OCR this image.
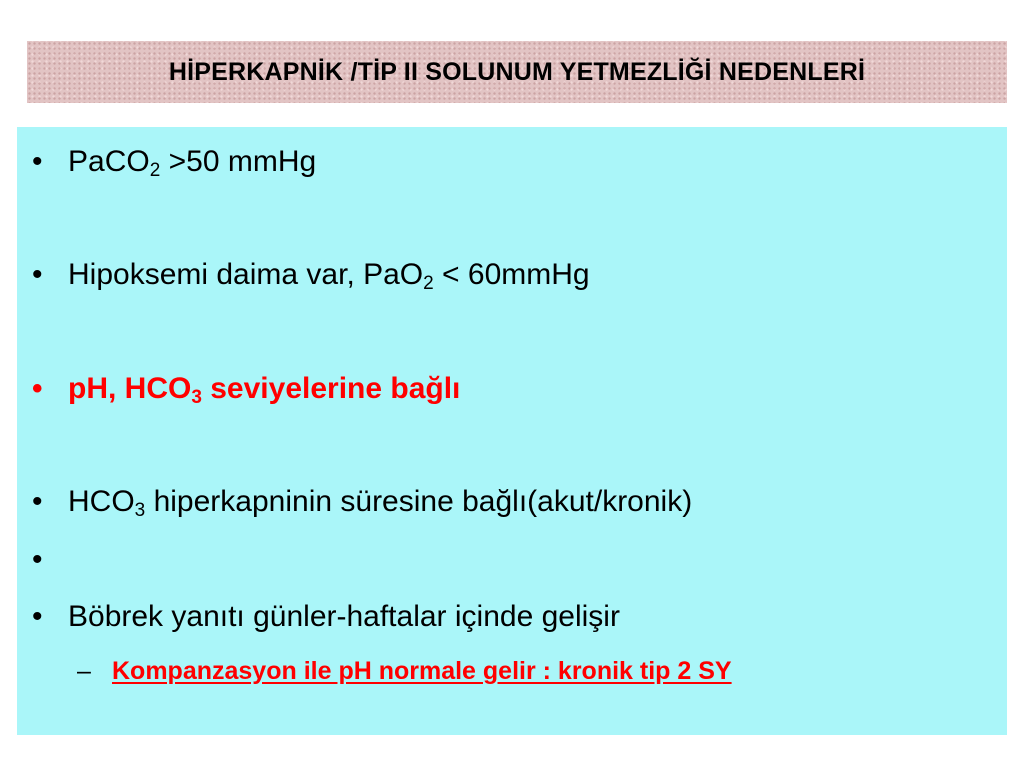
HİPERKAPNİK /TİP II SOLUNUM YETMEZLİĞİ NEDENLERİ
• PaCO$_2$ >50 mmHg
• Hipoksemi daima var, PaO$_2$ < 60mmHg
• pH, $HCO_3$ seviyelerine bağlı
• $HCO_3$ hiperkapninin süresine bağlı(akut/kronik)
•
• Böbrek yanıtı günler-haftalar içinde gelişir
– Kompanzasyon ile pH normale gelir : kronik tip 2 SY
